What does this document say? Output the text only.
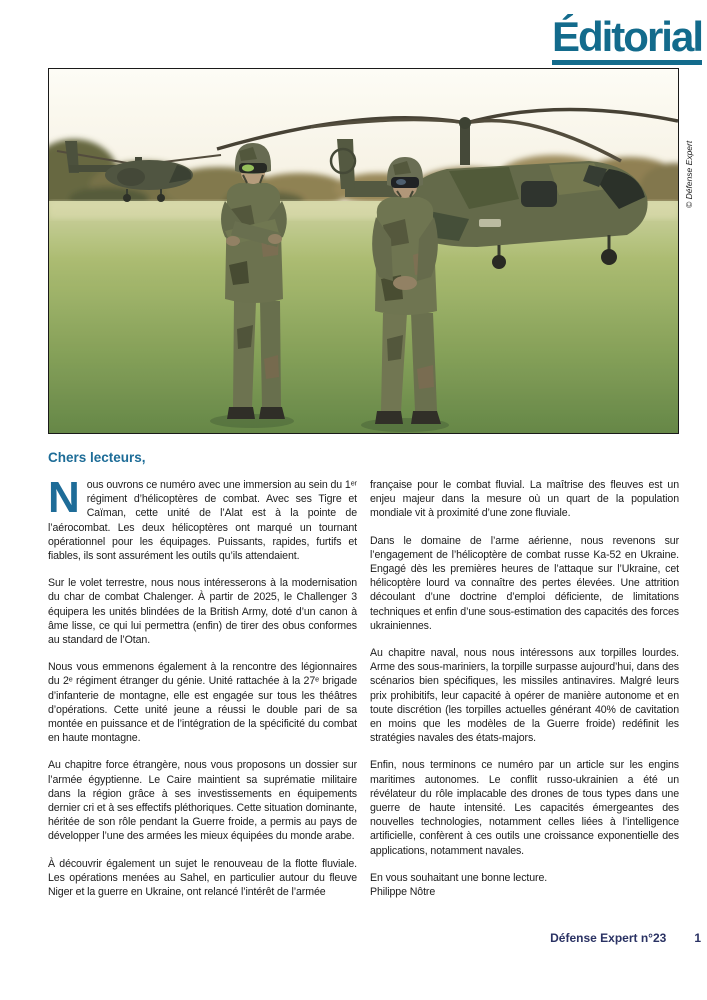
Éditorial
© Défense Expert
Chers lecteurs,

Nous ouvrons ce numéro avec une immersion au sein du 1ᵉʳ régiment d’hélicoptères de combat. Avec ses Tigre et Caïman, cette unité de l’Alat est à la pointe de l’aérocombat. Les deux hélicoptères ont marqué un tournant opérationnel pour les équipages. Puissants, rapides, furtifs et fiables, ils sont assurément les outils qu’ils attendaient.

Sur le volet terrestre, nous nous intéresserons à la modernisation du char de combat Chalenger. À partir de 2025, le Challenger 3 équipera les unités blindées de la British Army, doté d’un canon à âme lisse, ce qui lui permettra (enfin) de tirer des obus conformes au standard de l’Otan.

Nous vous emmenons également à la rencontre des légionnaires du 2ᵉ régiment étranger du génie. Unité rattachée à la 27ᵉ brigade d’infanterie de montagne, elle est engagée sur tous les théâtres d’opérations. Cette unité jeune a réussi le double pari de sa montée en puissance et de l’intégration de la spécificité du combat en haute montagne.

Au chapitre force étrangère, nous vous proposons un dossier sur l’armée égyptienne. Le Caire maintient sa suprématie militaire dans la région grâce à ses investissements en équipements dernier cri et à ses effectifs pléthoriques. Cette situation dominante, héritée de son rôle pendant la Guerre froide, a permis au pays de développer l’une des armées les mieux équipées du monde arabe.

À découvrir également un sujet le renouveau de la flotte fluviale. Les opérations menées au Sahel, en particulier autour du fleuve Niger et la guerre en Ukraine, ont relancé l’intérêt de l’armée

française pour le combat fluvial. La maîtrise des fleuves est un enjeu majeur dans la mesure où un quart de la population mondiale vit à proximité d’une zone fluviale.

Dans le domaine de l’arme aérienne, nous revenons sur l’engagement de l’hélicoptère de combat russe Ka-52 en Ukraine. Engagé dès les premières heures de l’attaque sur l’Ukraine, cet hélicoptère lourd va connaître des pertes élevées. Une attrition découlant d’une doctrine d’emploi déficiente, de limitations techniques et enfin d’une sous-estimation des capacités des forces ukrainiennes.

Au chapitre naval, nous nous intéressons aux torpilles lourdes. Arme des sous-mariniers, la torpille surpasse aujourd’hui, dans des scénarios bien spécifiques, les missiles antinavires. Malgré leurs prix prohibitifs, leur capacité à opérer de manière autonome et en toute discrétion (les torpilles actuelles générant 40% de cavitation en moins que les modèles de la Guerre froide) redéfinit les stratégies navales des états-majors.

Enfin, nous terminons ce numéro par un article sur les engins maritimes autonomes. Le conflit russo-ukrainien a été un révélateur du rôle implacable des drones de tous types dans une guerre de haute intensité. Les capacités émergeantes des nouvelles technologies, notamment celles liées à l’intelligence artificielle, confèrent à ces outils une croissance exponentielle des applications, notamment navales.

En vous souhaitant une bonne lecture.

Philippe Nôtre

Défense Expert n°23 1
